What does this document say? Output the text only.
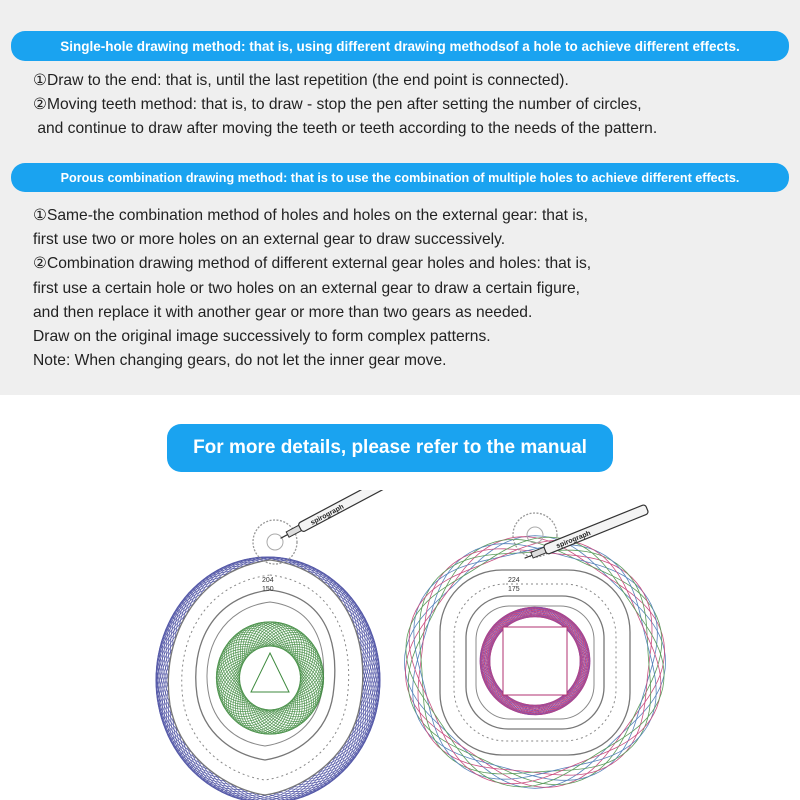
Single-hole drawing method: that is, using different drawing methodsof a hole to achieve different effects.
①Draw to the end: that is, until the last repetition (the end point is connected).
②Moving teeth method: that is, to draw - stop the pen after setting the number of circles,
and continue to draw after moving the teeth or teeth according to the needs of the pattern.
Porous combination drawing method: that is to use the combination of multiple holes to achieve different effects.
①Same-the combination method of holes and holes on the external gear: that is,
first use two or more holes on an external gear to draw successively.
②Combination drawing method of different external gear holes and holes: that is,
first use a certain hole or two holes on an external gear to draw a certain figure,
and then replace it with another gear or more than two gears as needed.
Draw on the original image successively to form complex patterns.
Note: When changing gears, do not let the inner gear move.
For more details, please refer to the manual
204
150
spirograph
224
175
spirograph
